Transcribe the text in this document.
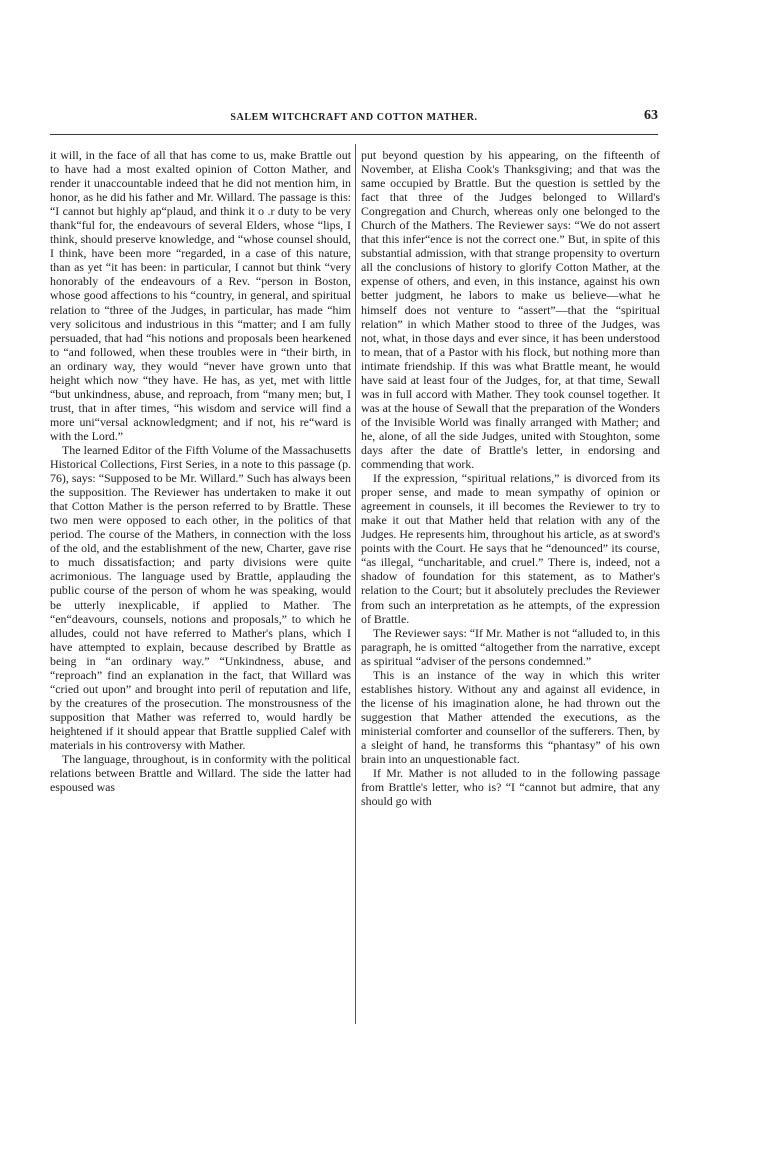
SALEM WITCHCRAFT AND COTTON MATHER.	63

it will, in the face of all that has come to us, make Brattle out to have had a most exalted opinion of Cotton Mather, and render it unaccountable indeed that he did not mention him, in honor, as he did his father and Mr. Willard. The passage is this: “I cannot but highly ap“plaud, and think it o .r duty to be very thank“ful for, the endeavours of several Elders, whose “lips, I think, should preserve knowledge, and “whose counsel should, I think, have been more “regarded, in a case of this nature, than as yet “it has been: in particular, I cannot but think “very honorably of the endeavours of a Rev. “person in Boston, whose good affections to his “country, in general, and spiritual relation to “three of the Judges, in particular, has made “him very solicitous and industrious in this “matter; and I am fully persuaded, that had “his notions and proposals been hearkened to “and followed, when these troubles were in “their birth, in an ordinary way, they would “never have grown unto that height which now “they have. He has, as yet, met with little “but unkindness, abuse, and reproach, from “many men; but, I trust, that in after times, “his wisdom and service will find a more uni“versal acknowledgment; and if not, his re“ward is with the Lord.”

The learned Editor of the Fifth Volume of the Massachusetts Historical Collections, First Series, in a note to this passage (p. 76), says: “Supposed to be Mr. Willard.” Such has always been the supposition. The Reviewer has undertaken to make it out that Cotton Mather is the person referred to by Brattle. These two men were opposed to each other, in the politics of that period. The course of the Mathers, in connection with the loss of the old, and the establishment of the new, Charter, gave rise to much dissatisfaction; and party divisions were quite acrimonious. The language used by Brattle, applauding the public course of the person of whom he was speaking, would be utterly inexplicable, if applied to Mather. The “en“deavours, counsels, notions and proposals,” to which he alludes, could not have referred to Mather's plans, which I have attempted to explain, because described by Brattle as being in “an ordinary way.” “Unkindness, abuse, and “reproach” find an explanation in the fact, that Willard was “cried out upon” and brought into peril of reputation and life, by the creatures of the prosecution. The monstrousness of the supposition that Mather was referred to, would hardly be heightened if it should appear that Brattle supplied Calef with materials in his controversy with Mather.

The language, throughout, is in conformity with the political relations between Brattle and Willard. The side the latter had espoused was

put beyond question by his appearing, on the fifteenth of November, at Elisha Cook's Thanksgiving; and that was the same occupied by Brattle. But the question is settled by the fact that three of the Judges belonged to Willard's Congregation and Church, whereas only one belonged to the Church of the Mathers. The Reviewer says: “We do not assert that this infer“ence is not the correct one.” But, in spite of this substantial admission, with that strange propensity to overturn all the conclusions of history to glorify Cotton Mather, at the expense of others, and even, in this instance, against his own better judgment, he labors to make us believe—what he himself does not venture to “assert”—that the “spiritual relation” in which Mather stood to three of the Judges, was not, what, in those days and ever since, it has been understood to mean, that of a Pastor with his flock, but nothing more than intimate friendship. If this was what Brattle meant, he would have said at least four of the Judges, for, at that time, Sewall was in full accord with Mather. They took counsel together. It was at the house of Sewall that the preparation of the Wonders of the Invisible World was finally arranged with Mather; and he, alone, of all the side Judges, united with Stoughton, some days after the date of Brattle's letter, in endorsing and commending that work.

If the expression, “spiritual relations,” is divorced from its proper sense, and made to mean sympathy of opinion or agreement in counsels, it ill becomes the Reviewer to try to make it out that Mather held that relation with any of the Judges. He represents him, throughout his article, as at sword's points with the Court. He says that he “denounced” its course, “as illegal, “uncharitable, and cruel.” There is, indeed, not a shadow of foundation for this statement, as to Mather's relation to the Court; but it absolutely precludes the Reviewer from such an interpretation as he attempts, of the expression of Brattle.

The Reviewer says: “If Mr. Mather is not “alluded to, in this paragraph, he is omitted “altogether from the narrative, except as spiritual “adviser of the persons condemned.”

This is an instance of the way in which this writer establishes history. Without any and against all evidence, in the license of his imagination alone, he had thrown out the suggestion that Mather attended the executions, as the ministerial comforter and counsellor of the sufferers. Then, by a sleight of hand, he transforms this “phantasy” of his own brain into an unquestionable fact.

If Mr. Mather is not alluded to in the following passage from Brattle's letter, who is? “I “cannot but admire, that any should go with
